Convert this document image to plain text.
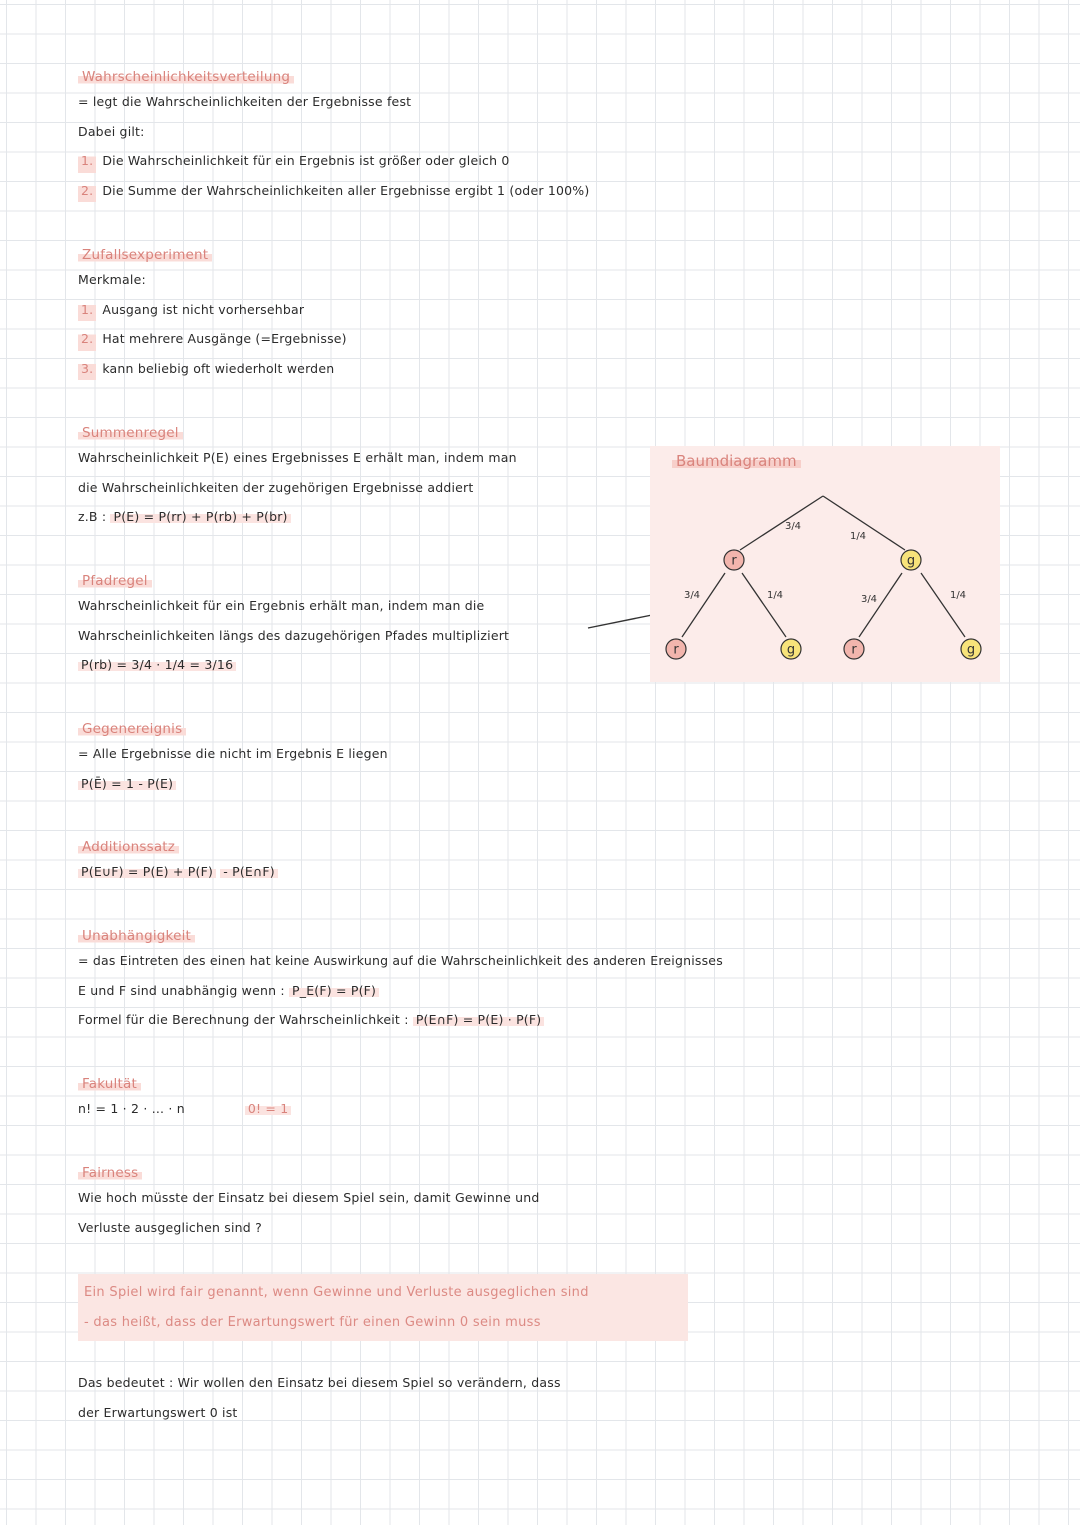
Wahrscheinlichkeitsverteilung
= legt die Wahrscheinlichkeiten der Ergebnisse fest
Dabei gilt:
1. Die Wahrscheinlichkeit für ein Ergebnis ist größer oder gleich 0
2. Die Summe der Wahrscheinlichkeiten aller Ergebnisse ergibt 1 (oder 100%)
Zufallsexperiment
Merkmale:
1. Ausgang ist nicht vorhersehbar
2. Hat mehrere Ausgänge (=Ergebnisse)
3. kann beliebig oft wiederholt werden
Summenregel
Wahrscheinlichkeit P(E) eines Ergebnisses E erhält man, indem man
die Wahrscheinlichkeiten der zugehörigen Ergebnisse addiert
z.B : P(E) = P(rr) + P(rb) + P(br)
Pfadregel
Wahrscheinlichkeit für ein Ergebnis erhält man, indem man die
Wahrscheinlichkeiten längs des dazugehörigen Pfades multipliziert
P(rb) = 3/4 · 1/4 = 3/16
Baumdiagramm
3/4
1/4
3/4	1/4	3/4	1/4
r	g
r	g	r	g
Gegenereignis
= Alle Ergebnisse die nicht im Ergebnis E liegen
P(Ē) = 1 - P(E)
Additionssatz
P(E∪F) = P(E) + P(F) - P(E∩F)
Unabhängigkeit
= das Eintreten des einen hat keine Auswirkung auf die Wahrscheinlichkeit des anderen Ereignisses
E und F sind unabhängig wenn : P_E(F) = P(F)
Formel für die Berechnung der Wahrscheinlichkeit : P(E∩F) = P(E) · P(F)
Fakultät
n! = 1 · 2 · ... · n	0! = 1
Fairness
Wie hoch müsste der Einsatz bei diesem Spiel sein, damit Gewinne und
Verluste ausgeglichen sind ?
Ein Spiel wird fair genannt, wenn Gewinne und Verluste ausgeglichen sind
- das heißt, dass der Erwartungswert für einen Gewinn 0 sein muss
Das bedeutet : Wir wollen den Einsatz bei diesem Spiel so verändern, dass
der Erwartungswert 0 ist
